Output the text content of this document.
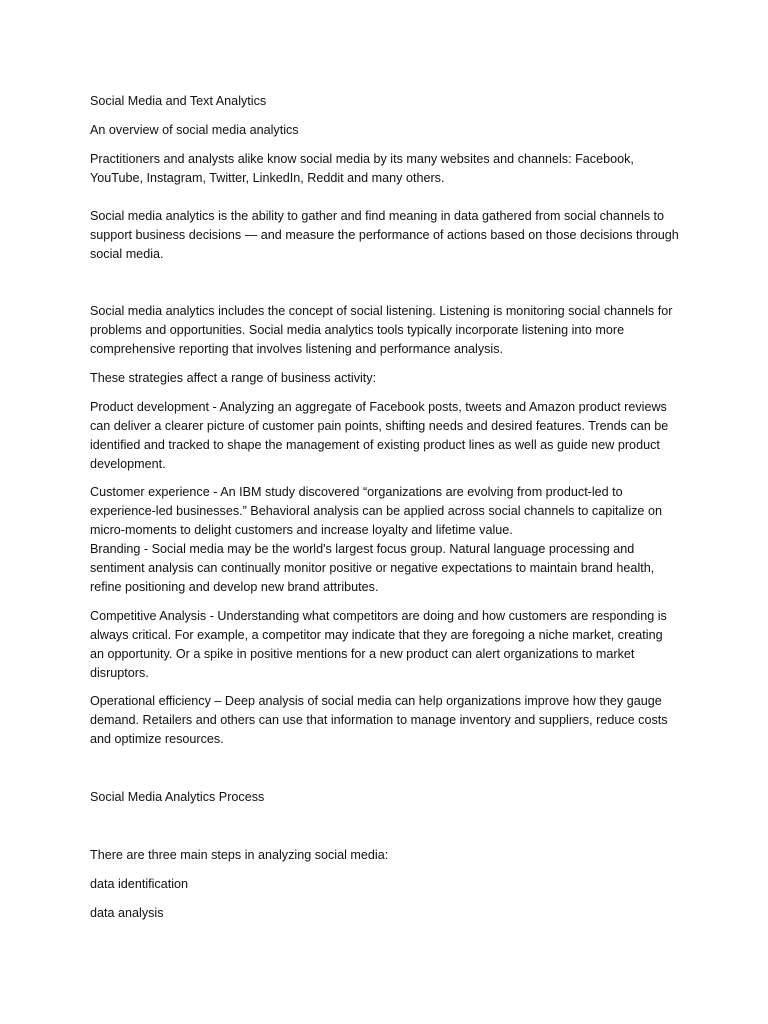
Social Media and Text Analytics

An overview of social media analytics

Practitioners and analysts alike know social media by its many websites and channels: Facebook, YouTube, Instagram, Twitter, LinkedIn, Reddit and many others.

Social media analytics is the ability to gather and find meaning in data gathered from social channels to support business decisions — and measure the performance of actions based on those decisions through social media.

Social media analytics includes the concept of social listening. Listening is monitoring social channels for problems and opportunities. Social media analytics tools typically incorporate listening into more comprehensive reporting that involves listening and performance analysis.

These strategies affect a range of business activity:

Product development - Analyzing an aggregate of Facebook posts, tweets and Amazon product reviews can deliver a clearer picture of customer pain points, shifting needs and desired features. Trends can be identified and tracked to shape the management of existing product lines as well as guide new product development.

Customer experience - An IBM study discovered “organizations are evolving from product-led to experience-led businesses.” Behavioral analysis can be applied across social channels to capitalize on micro-moments to delight customers and increase loyalty and lifetime value.

Branding - Social media may be the world's largest focus group. Natural language processing and sentiment analysis can continually monitor positive or negative expectations to maintain brand health, refine positioning and develop new brand attributes.

Competitive Analysis - Understanding what competitors are doing and how customers are responding is always critical. For example, a competitor may indicate that they are foregoing a niche market, creating an opportunity. Or a spike in positive mentions for a new product can alert organizations to market disruptors.

Operational efficiency – Deep analysis of social media can help organizations improve how they gauge demand. Retailers and others can use that information to manage inventory and suppliers, reduce costs and optimize resources.

Social Media Analytics Process

There are three main steps in analyzing social media:

data identification

data analysis
